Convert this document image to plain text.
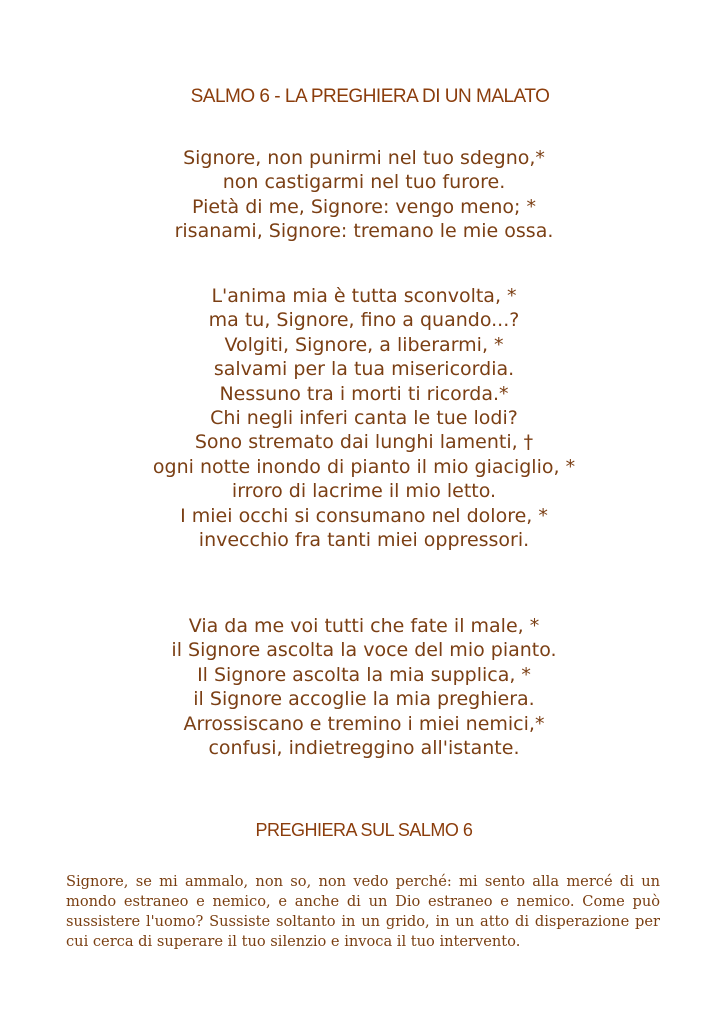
SALMO 6 - LA PREGHIERA DI UN MALATO
Signore, non punirmi nel tuo sdegno,*
non castigarmi nel tuo furore.
Pietà di me, Signore: vengo meno; *
risanami, Signore: tremano le mie ossa.
L'anima mia è tutta sconvolta, *
ma tu, Signore, fino a quando...?
Volgiti, Signore, a liberarmi, *
salvami per la tua misericordia.
Nessuno tra i morti ti ricorda.*
Chi negli inferi canta le tue lodi?
Sono stremato dai lunghi lamenti, †
ogni notte inondo di pianto il mio giaciglio, *
irroro di lacrime il mio letto.
I miei occhi si consumano nel dolore, *
invecchio fra tanti miei oppressori.
Via da me voi tutti che fate il male, *
il Signore ascolta la voce del mio pianto.
Il Signore ascolta la mia supplica, *
il Signore accoglie la mia preghiera.
Arrossiscano e tremino i miei nemici,*
confusi, indietreggino all'istante.
PREGHIERA SUL SALMO 6
Signore, se mi ammalo, non so, non vedo perché: mi sento alla mercé di un mondo estraneo e nemico, e anche di un Dio estraneo e nemico. Come può sussistere l'uomo? Sussiste soltanto in un grido, in un atto di disperazione per cui cerca di superare il tuo silenzio e invoca il tuo intervento.
